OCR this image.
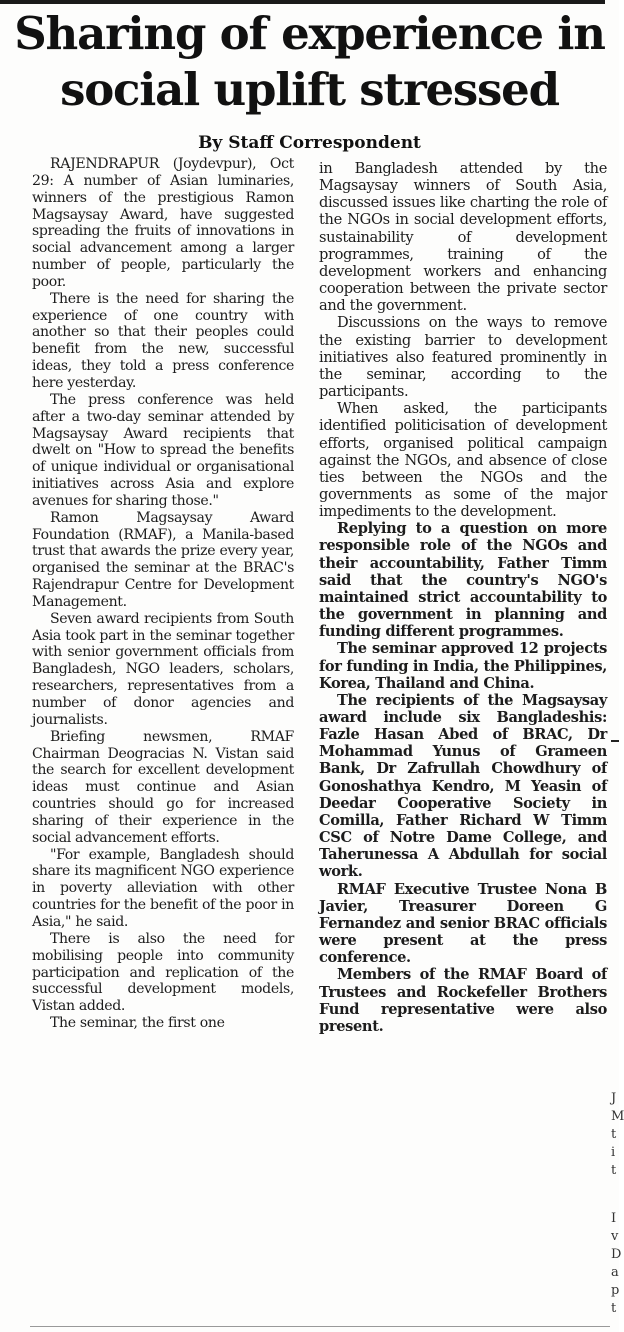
Sharing of experience in social uplift stressed
By Staff Correspondent

RAJENDRAPUR (Joydevpur), Oct 29: A number of Asian luminaries, winners of the prestigious Ramon Magsaysay Award, have suggested spreading the fruits of innovations in social advancement among a larger number of people, particularly the poor.

There is the need for sharing the experience of one country with another so that their peoples could benefit from the new, successful ideas, they told a press conference here yesterday.

The press conference was held after a two-day seminar attended by Magsaysay Award recipients that dwelt on "How to spread the benefits of unique individual or organisational initiatives across Asia and explore avenues for sharing those."

Ramon Magsaysay Award Foundation (RMAF), a Manila-based trust that awards the prize every year, organised the seminar at the BRAC's Rajendrapur Centre for Development Management.

Seven award recipients from South Asia took part in the seminar together with senior government officials from Bangladesh, NGO leaders, scholars, researchers, representatives from a number of donor agencies and journalists.

Briefing newsmen, RMAF Chairman Deogracias N. Vistan said the search for excellent development ideas must continue and Asian countries should go for increased sharing of their experience in the social advancement efforts.

"For example, Bangladesh should share its magnificent NGO experience in poverty alleviation with other countries for the benefit of the poor in Asia," he said.

There is also the need for mobilising people into community participation and replication of the successful development models, Vistan added.

The seminar, the first one

in Bangladesh attended by the Magsaysay winners of South Asia, discussed issues like charting the role of the NGOs in social development efforts, sustainability of development programmes, training of the development workers and enhancing cooperation between the private sector and the government.

Discussions on the ways to remove the existing barrier to development initiatives also featured prominently in the seminar, according to the participants.

When asked, the participants identified politicisation of development efforts, organised political campaign against the NGOs, and absence of close ties between the NGOs and the governments as some of the major impediments to the development.

Replying to a question on more responsible role of the NGOs and their accountability, Father Timm said that the country's NGO's maintained strict accountability to the government in planning and funding different programmes.

The seminar approved 12 projects for funding in India, the Philippines, Korea, Thailand and China.

The recipients of the Magsaysay award include six Bangladeshis: Fazle Hasan Abed of BRAC, Dr Mohammad Yunus of Grameen Bank, Dr Zafrullah Chowdhury of Gonoshathya Kendro, M Yeasin of Deedar Cooperative Society in Comilla, Father Richard W Timm CSC of Notre Dame College, and Taherunessa A Abdullah for social work.

RMAF Executive Trustee Nona B Javier, Treasurer Doreen G Fernandez and senior BRAC officials were present at the press conference.

Members of the RMAF Board of Trustees and Rockefeller Brothers Fund representative were also present.

J
M
t
i
t
I
v
D
a
p
t
